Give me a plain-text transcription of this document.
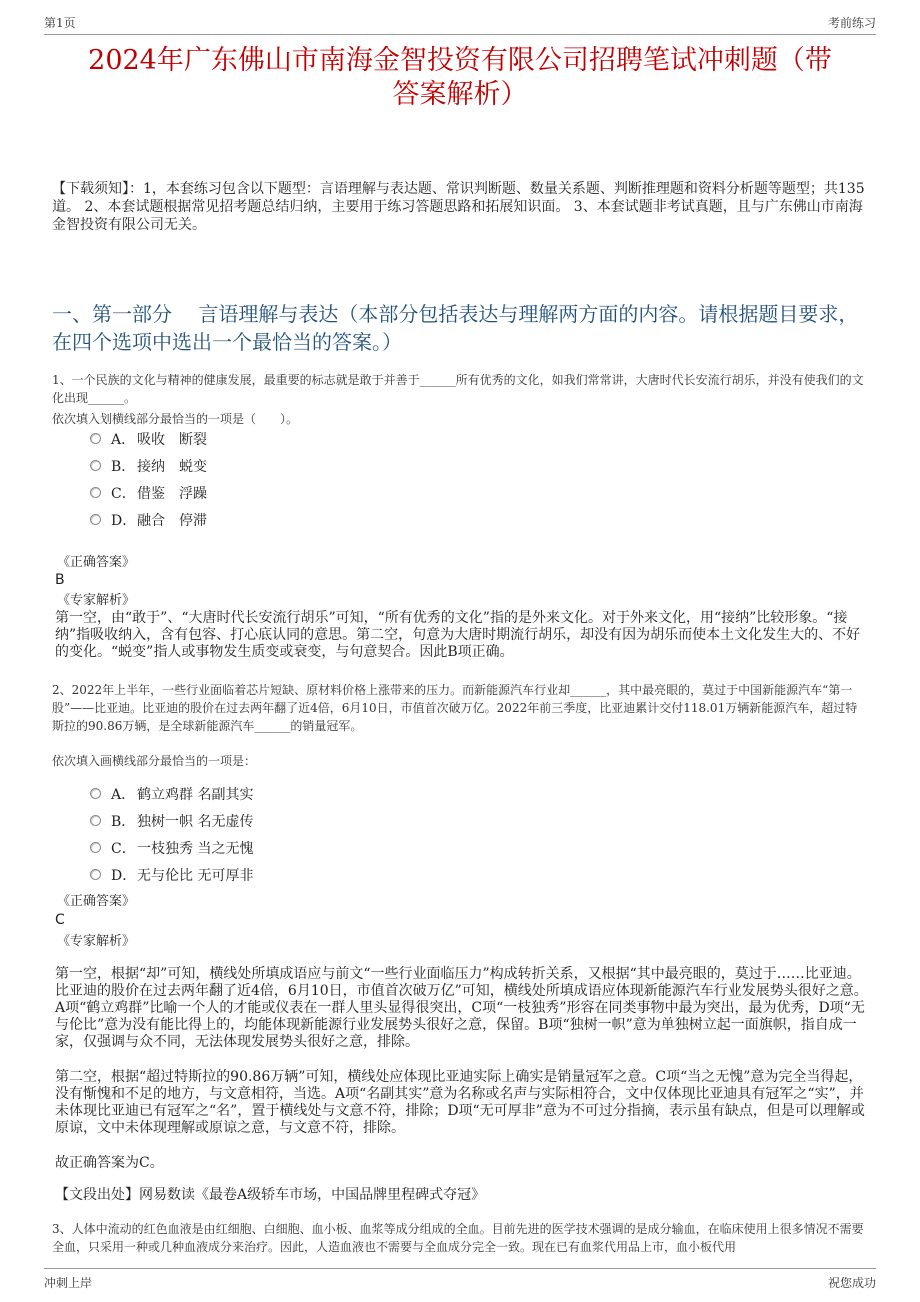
第1页	考前练习
2024年广东佛山市南海金智投资有限公司招聘笔试冲刺题（带
答案解析）
【下载须知】：1，本套练习包含以下题型：言语理解与表达题、常识判断题、数量关系题、判断推理题和资料分析题等题型；共135道。 2、本套试题根据常见招考题总结归纳，主要用于练习答题思路和拓展知识面。 3、本套试题非考试真题，且与广东佛山市南海金智投资有限公司无关。
一、第一部分　 言语理解与表达（本部分包括表达与理解两方面的内容。请根据题目要求，在四个选项中选出一个最恰当的答案。）
1、一个民族的文化与精神的健康发展，最重要的标志就是敢于并善于______所有优秀的文化，如我们常常讲，大唐时代长安流行胡乐，并没有使我们的文化出现______。
依次填入划横线部分最恰当的一项是（　　）。
A． 吸收　断裂
B． 接纳　蜕变
C．借鉴　浮躁
D．融合　停滞
《正确答案》
B
《专家解析》
第一空，由“敢于”、“大唐时代长安流行胡乐”可知，“所有优秀的文化”指的是外来文化。对于外来文化，用“接纳”比较形象。“接纳”指吸收纳入，含有包容、打心底认同的意思。第二空，句意为大唐时期流行胡乐，却没有因为胡乐而使本土文化发生大的、不好的变化。“蜕变”指人或事物发生质变或衰变，与句意契合。因此B项正确。
2、2022年上半年，一些行业面临着芯片短缺、原材料价格上涨带来的压力。而新能源汽车行业却______，其中最亮眼的，莫过于中国新能源汽车“第一股”——比亚迪。比亚迪的股价在过去两年翻了近4倍，6月10日，市值首次破万亿。2022年前三季度，比亚迪累计交付118.01万辆新能源汽车，超过特斯拉的90.86万辆，是全球新能源汽车______的销量冠军。
依次填入画横线部分最恰当的一项是：
A． 鹤立鸡群 名副其实
B． 独树一帜 名无虚传
C．一枝独秀 当之无愧
D．无与伦比 无可厚非
《正确答案》
C
《专家解析》
第一空，根据“却”可知，横线处所填成语应与前文“一些行业面临压力”构成转折关系，又根据“其中最亮眼的，莫过于……比亚迪。比亚迪的股价在过去两年翻了近4倍，6月10日，市值首次破万亿”可知，横线处所填成语应体现新能源汽车行业发展势头很好之意。A项“鹤立鸡群”比喻一个人的才能或仪表在一群人里头显得很突出，C项“一枝独秀”形容在同类事物中最为突出，最为优秀，D项“无与伦比”意为没有能比得上的，均能体现新能源行业发展势头很好之意，保留。B项“独树一帜”意为单独树立起一面旗帜，指自成一家，仅强调与众不同，无法体现发展势头很好之意，排除。
第二空，根据“超过特斯拉的90.86万辆”可知，横线处应体现比亚迪实际上确实是销量冠军之意。C项“当之无愧”意为完全当得起，没有惭愧和不足的地方，与文意相符，当选。A项“名副其实”意为名称或名声与实际相符合，文中仅体现比亚迪具有冠军之“实”，并未体现比亚迪已有冠军之“名”，置于横线处与文意不符，排除；D项“无可厚非”意为不可过分指摘，表示虽有缺点，但是可以理解或原谅，文中未体现理解或原谅之意，与文意不符，排除。
故正确答案为C。
【文段出处】网易数读《最卷A级轿车市场，中国品牌里程碑式夺冠》
3、人体中流动的红色血液是由红细胞、白细胞、血小板、血浆等成分组成的全血。目前先进的医学技术强调的是成分输血，在临床使用上很多情况不需要全血，只采用一种或几种血液成分来治疗。因此，人造血液也不需要与全血成分完全一致。现在已有血浆代用品上市，血小板代用
冲刺上岸	祝您成功
